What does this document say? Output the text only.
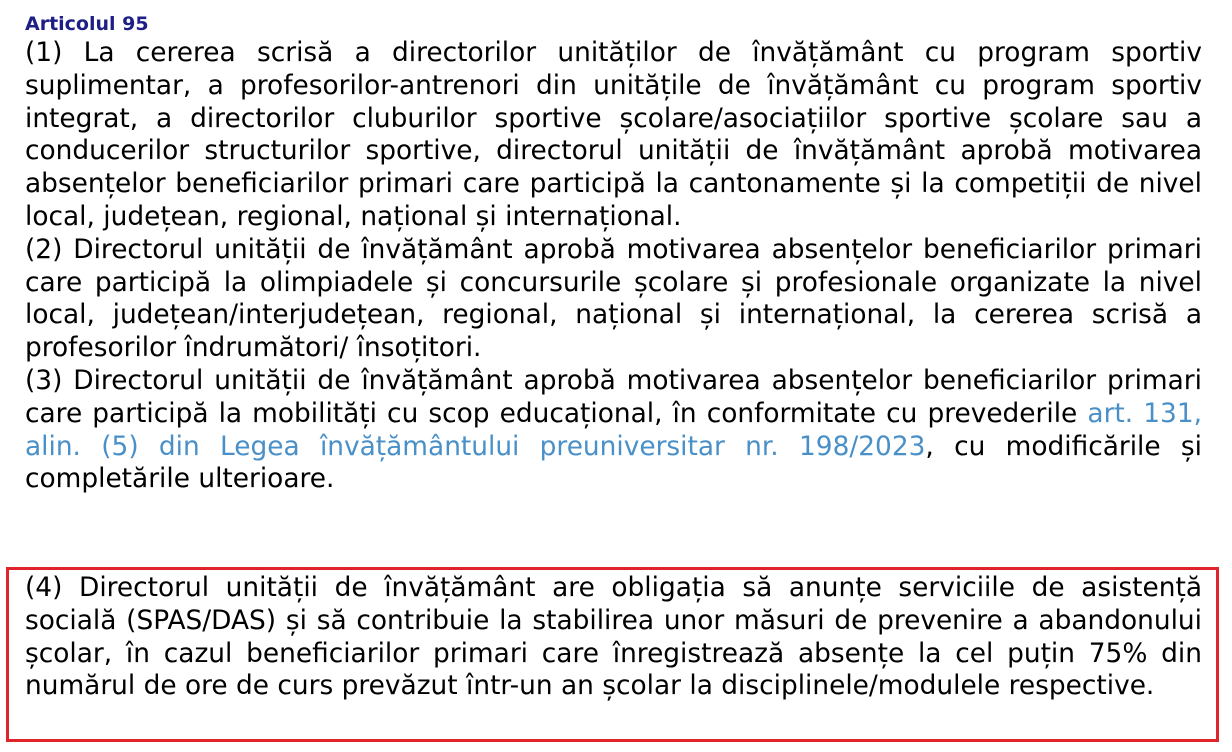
Articolul 95

(1) La cererea scrisă a directorilor unităților de învățământ cu program sportiv suplimentar, a profesorilor-antrenori din unitățile de învățământ cu program sportiv integrat, a directorilor cluburilor sportive școlare/asociațiilor sportive școlare sau a conducerilor structurilor sportive, directorul unității de învățământ aprobă motivarea absențelor beneficiarilor primari care participă la cantonamente și la competiții de nivel local, județean, regional, național și internațional.

(2) Directorul unității de învățământ aprobă motivarea absențelor beneficiarilor primari care participă la olimpiadele și concursurile școlare și profesionale organizate la nivel local, județean/interjudețean, regional, național și internațional, la cererea scrisă a profesorilor îndrumători/ însoțitori.

(3) Directorul unității de învățământ aprobă motivarea absențelor beneficiarilor primari care participă la mobilități cu scop educațional, în conformitate cu prevederile art. 131, alin. (5) din Legea învățământului preuniversitar nr. 198/2023, cu modificările și completările ulterioare.

(4) Directorul unității de învățământ are obligația să anunțe serviciile de asistență socială (SPAS/DAS) și să contribuie la stabilirea unor măsuri de prevenire a abandonului școlar, în cazul beneficiarilor primari care înregistrează absențe la cel puțin 75% din numărul de ore de curs prevăzut într-un an școlar la disciplinele/modulele respective.
